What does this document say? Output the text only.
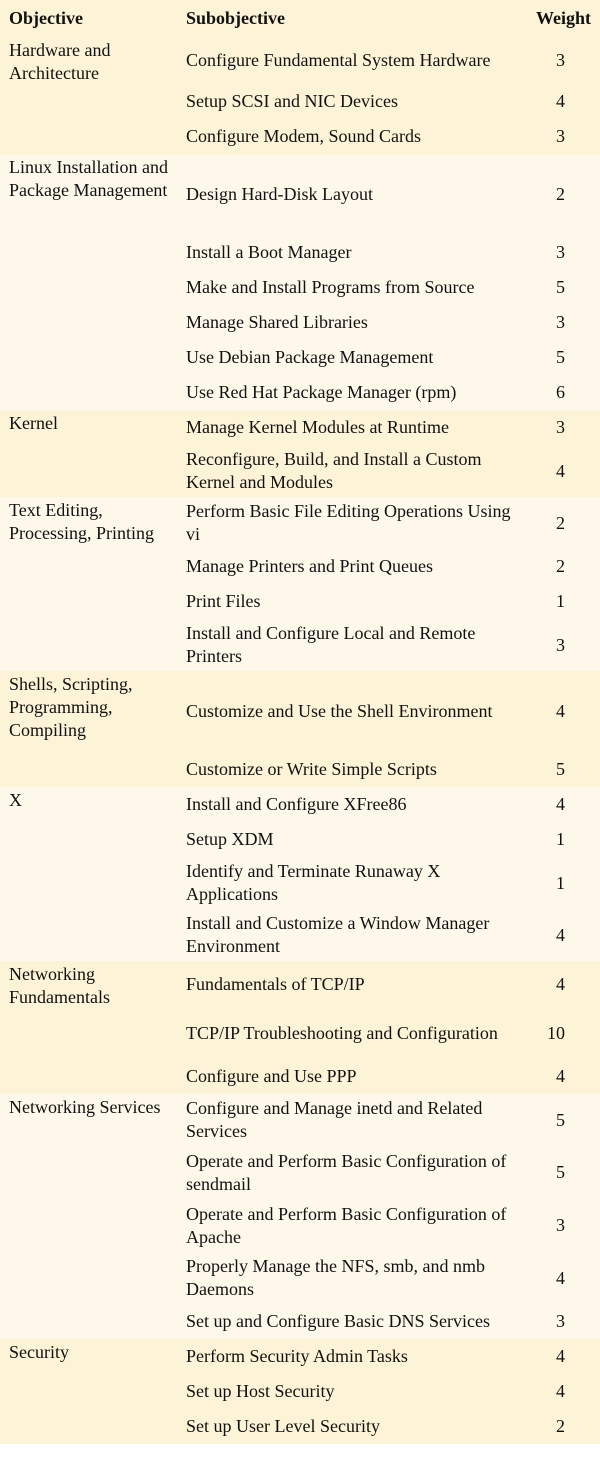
Objective	Subobjective	Weight
Hardware and Architecture	Configure Fundamental System Hardware	3
	Setup SCSI and NIC Devices	4
	Configure Modem, Sound Cards	3
Linux Installation and Package Management	Design Hard-Disk Layout	2
	Install a Boot Manager	3
	Make and Install Programs from Source	5
	Manage Shared Libraries	3
	Use Debian Package Management	5
	Use Red Hat Package Manager (rpm)	6
Kernel	Manage Kernel Modules at Runtime	3
	Reconfigure, Build, and Install a Custom Kernel and Modules	4
Text Editing, Processing, Printing	Perform Basic File Editing Operations Using vi	2
	Manage Printers and Print Queues	2
	Print Files	1
	Install and Configure Local and Remote Printers	3
Shells, Scripting, Programming, Compiling	Customize and Use the Shell Environment	4
	Customize or Write Simple Scripts	5
X	Install and Configure XFree86	4
	Setup XDM	1
	Identify and Terminate Runaway X Applications	1
	Install and Customize a Window Manager Environment	4
Networking Fundamentals	Fundamentals of TCP/IP	4
	TCP/IP Troubleshooting and Configuration	10
	Configure and Use PPP	4
Networking Services	Configure and Manage inetd and Related Services	5
	Operate and Perform Basic Configuration of sendmail	5
	Operate and Perform Basic Configuration of Apache	3
	Properly Manage the NFS, smb, and nmb Daemons	4
	Set up and Configure Basic DNS Services	3
Security	Perform Security Admin Tasks	4
	Set up Host Security	4
	Set up User Level Security	2
